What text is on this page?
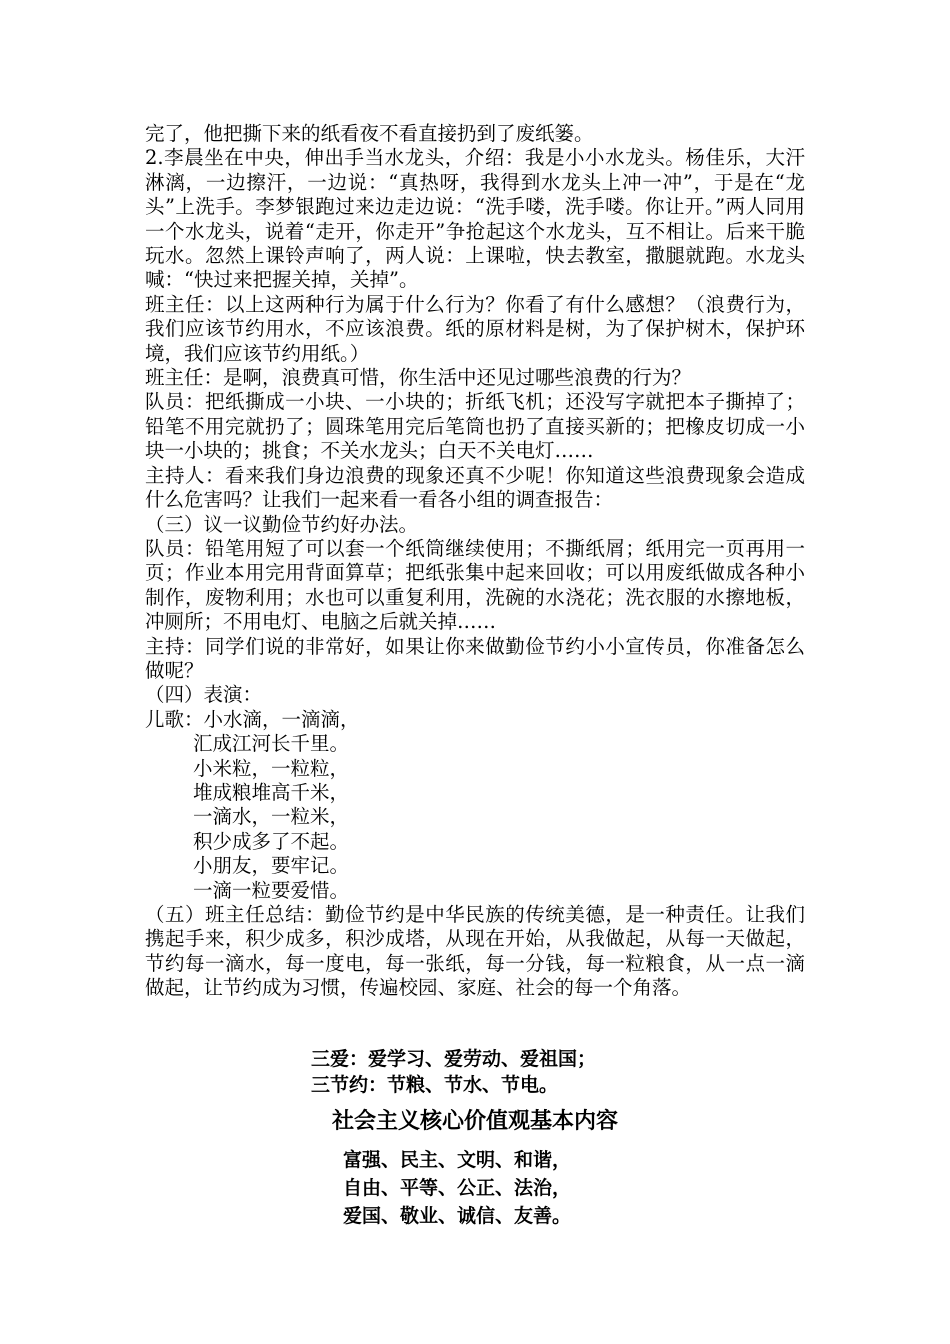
完了，他把撕下来的纸看夜不看直接扔到了废纸篓。

2.李晨坐在中央，伸出手当水龙头，介绍：我是小小水龙头。杨佳乐，大汗淋漓，一边擦汗，一边说：“真热呀，我得到水龙头上冲一冲”，于是在“龙头”上洗手。李梦银跑过来边走边说：“洗手喽，洗手喽。你让开。”两人同用一个水龙头，说着“走开，你走开”争抢起这个水龙头，互不相让。后来干脆玩水。忽然上课铃声响了，两人说：上课啦，快去教室，撒腿就跑。水龙头喊：“快过来把握关掉，关掉”。

班主任：以上这两种行为属于什么行为？你看了有什么感想？（浪费行为，我们应该节约用水，不应该浪费。纸的原材料是树，为了保护树木，保护环境，我们应该节约用纸。）

班主任：是啊，浪费真可惜，你生活中还见过哪些浪费的行为？

队员：把纸撕成一小块、一小块的；折纸飞机；还没写字就把本子撕掉了；铅笔不用完就扔了；圆珠笔用完后笔筒也扔了直接买新的；把橡皮切成一小块一小块的；挑食；不关水龙头；白天不关电灯……

主持人：看来我们身边浪费的现象还真不少呢！你知道这些浪费现象会造成什么危害吗？让我们一起来看一看各小组的调查报告：

（三）议一议勤俭节约好办法。

队员：铅笔用短了可以套一个纸筒继续使用；不撕纸屑；纸用完一页再用一页；作业本用完用背面算草；把纸张集中起来回收；可以用废纸做成各种小制作，废物利用；水也可以重复利用，洗碗的水浇花；洗衣服的水擦地板，冲厕所；不用电灯、电脑之后就关掉……

主持：同学们说的非常好，如果让你来做勤俭节约小小宣传员，你准备怎么做呢？

（四）表演：

儿歌：小水滴，一滴滴，

汇成江河长千里。

小米粒，一粒粒，

堆成粮堆高千米，

一滴水，一粒米，

积少成多了不起。

小朋友，要牢记。

一滴一粒要爱惜。

（五）班主任总结：勤俭节约是中华民族的传统美德，是一种责任。让我们携起手来，积少成多，积沙成塔，从现在开始，从我做起，从每一天做起，节约每一滴水，每一度电，每一张纸，每一分钱，每一粒粮食，从一点一滴做起，让节约成为习惯，传遍校园、家庭、社会的每一个角落。

三爱：爱学习、爱劳动、爱祖国；
三节约：节粮、节水、节电。
社会主义核心价值观基本内容
富强、民主、文明、和谐，
自由、平等、公正、法治，
爱国、敬业、诚信、友善。
